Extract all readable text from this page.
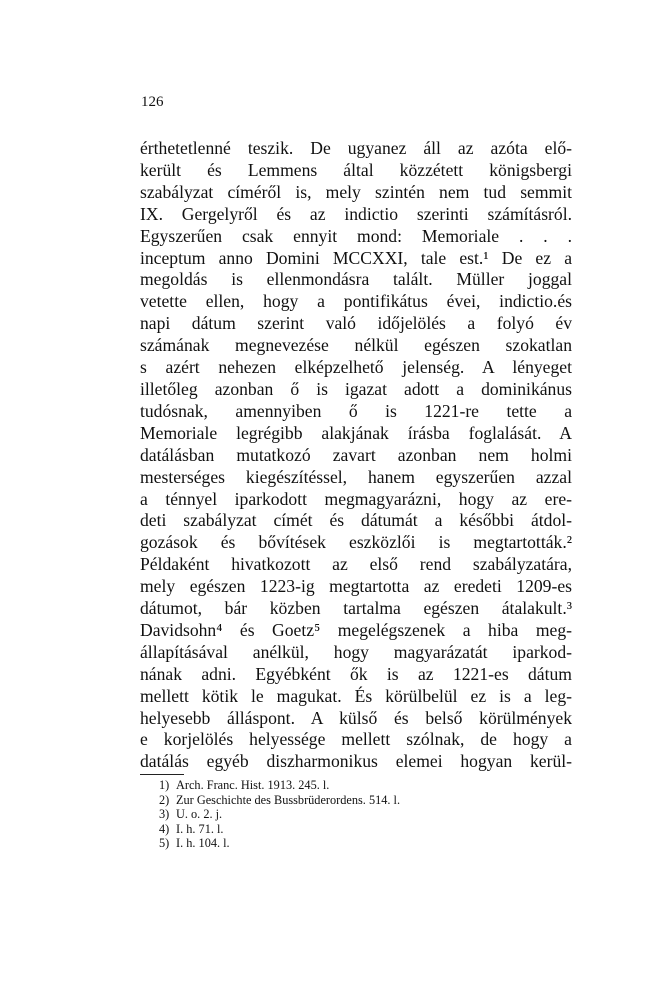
126
érthetetlenné teszik. De ugyanez áll az azóta elő-
került és Lemmens által közzétett königsbergi
szabályzat címéről is, mely szintén nem tud semmit
IX. Gergelyről és az indictio szerinti számításról.
Egyszerűen csak ennyit mond: Memoriale . . .
inceptum anno Domini MCCXXI, tale est.¹ De ez a
megoldás is ellenmondásra talált. Müller joggal
vetette ellen, hogy a pontifikátus évei, indictio.és
napi dátum szerint való időjelölés a folyó év
számának megnevezése nélkül egészen szokatlan
s azért nehezen elképzelhető jelenség. A lényeget
illetőleg azonban ő is igazat adott a dominikánus
tudósnak, amennyiben ő is 1221-re tette a
Memoriale legrégibb alakjának írásba foglalását. A
datálásban mutatkozó zavart azonban nem holmi
mesterséges kiegészítéssel, hanem egyszerűen azzal
a ténnyel iparkodott megmagyarázni, hogy az ere-
deti szabályzat címét és dátumát a későbbi átdol-
gozások és bővítések eszközlői is megtartották.²
Példaként hivatkozott az első rend szabályzatára,
mely egészen 1223-ig megtartotta az eredeti 1209-es
dátumot, bár közben tartalma egészen átalakult.³
Davidsohn⁴ és Goetz⁵ megelégszenek a hiba meg-
állapításával anélkül, hogy magyarázatát iparkod-
nának adni. Egyébként ők is az 1221-es dátum
mellett kötik le magukat. És körülbelül ez is a leg-
helyesebb álláspont. A külső és belső körülmények
e korjelölés helyessége mellett szólnak, de hogy a
datálás egyéb diszharmonikus elemei hogyan kerül-
1) Arch. Franc. Hist. 1913. 245. l.
2) Zur Geschichte des Bussbrüderordens. 514. l.
3) U. o. 2. j.
4) I. h. 71. l.
5) I. h. 104. l.
